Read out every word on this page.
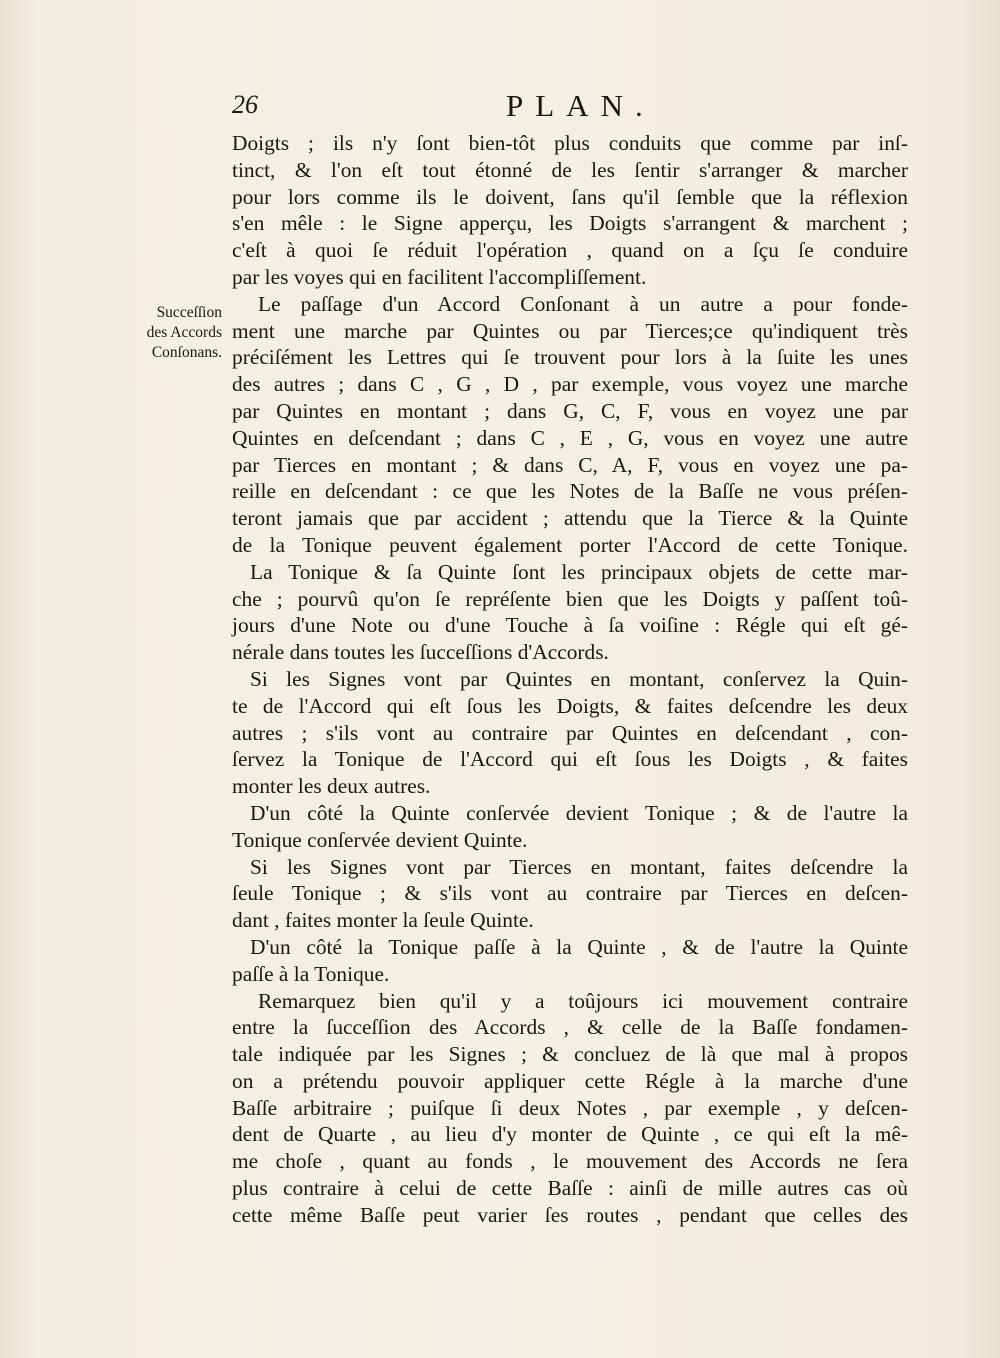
26	PLAN.
Succeſſion
des Accords
Conſonans.
Doigts ; ils n'y ſont bien-tôt plus conduits que comme par inſ-
tinct, & l'on eſt tout étonné de les ſentir s'arranger & marcher
pour lors comme ils le doivent, ſans qu'il ſemble que la réflexion
s'en mêle : le Signe apperçu, les Doigts s'arrangent & marchent ;
c'eſt à quoi ſe réduit l'opération , quand on a ſçu ſe conduire
par les voyes qui en facilitent l'accompliſſement.
Le paſſage d'un Accord Conſonant à un autre a pour fonde-
ment une marche par Quintes ou par Tierces;ce qu'indiquent très
préciſément les Lettres qui ſe trouvent pour lors à la ſuite les unes
des autres ; dans C , G , D , par exemple, vous voyez une marche
par Quintes en montant ; dans G, C, F, vous en voyez une par
Quintes en deſcendant ; dans C , E , G, vous en voyez une autre
par Tierces en montant ; & dans C, A, F, vous en voyez une pa-
reille en deſcendant : ce que les Notes de la Baſſe ne vous préſen-
teront jamais que par accident ; attendu que la Tierce & la Quinte
de la Tonique peuvent également porter l'Accord de cette Tonique.
La Tonique & ſa Quinte ſont les principaux objets de cette mar-
che ; pourvû qu'on ſe repréſente bien que les Doigts y paſſent toû-
jours d'une Note ou d'une Touche à ſa voiſine : Régle qui eſt gé-
nérale dans toutes les ſucceſſions d'Accords.
Si les Signes vont par Quintes en montant, conſervez la Quin-
te de l'Accord qui eſt ſous les Doigts, & faites deſcendre les deux
autres ; s'ils vont au contraire par Quintes en deſcendant , con-
ſervez la Tonique de l'Accord qui eſt ſous les Doigts , & faites
monter les deux autres.
D'un côté la Quinte conſervée devient Tonique ; & de l'autre la
Tonique conſervée devient Quinte.
Si les Signes vont par Tierces en montant, faites deſcendre la
ſeule Tonique ; & s'ils vont au contraire par Tierces en deſcen-
dant , faites monter la ſeule Quinte.
D'un côté la Tonique paſſe à la Quinte , & de l'autre la Quinte
paſſe à la Tonique.
Remarquez bien qu'il y a toûjours ici mouvement contraire
entre la ſucceſſion des Accords , & celle de la Baſſe fondamen-
tale indiquée par les Signes ; & concluez de là que mal à propos
on a prétendu pouvoir appliquer cette Régle à la marche d'une
Baſſe arbitraire ; puiſque ſi deux Notes , par exemple , y deſcen-
dent de Quarte , au lieu d'y monter de Quinte , ce qui eſt la mê-
me choſe , quant au fonds , le mouvement des Accords ne ſera
plus contraire à celui de cette Baſſe : ainſi de mille autres cas où
cette même Baſſe peut varier ſes routes , pendant que celles des
